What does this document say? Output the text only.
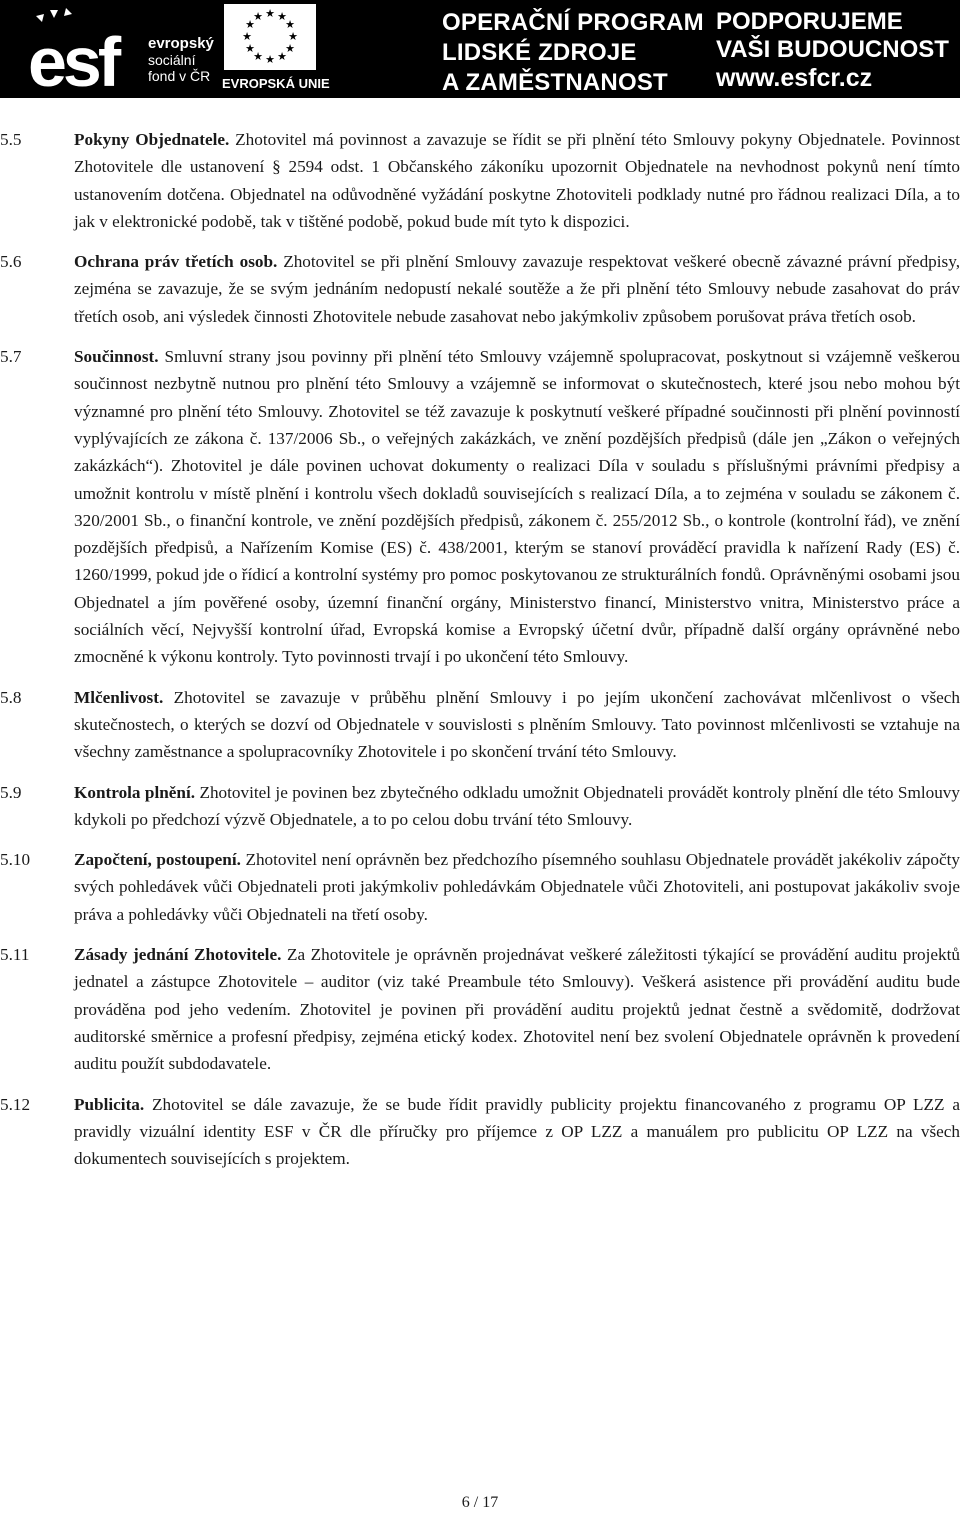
esf	evropský
sociální
fond v ČR
★ ★
★
★
★
★
★
★
★
★
★
★
EVROPSKÁ UNIE
OPERAČNÍ PROGRAM
LIDSKÉ ZDROJE
A ZAMĚSTNANOST
PODPORUJEME
VAŠI BUDOUCNOST
www.esfcr.cz
5.5	Pokyny Objednatele. Zhotovitel má povinnost a zavazuje se řídit se při plnění této Smlouvy pokyny Objednatele. Povinnost Zhotovitele dle ustanovení § 2594 odst. 1 Občanského zákoníku upozornit Objednatele na nevhodnost pokynů není tímto ustanovením dotčena. Objednatel na odůvodněné vyžádání poskytne Zhotoviteli podklady nutné pro řádnou realizaci Díla, a to jak v elektronické podobě, tak v tištěné podobě, pokud bude mít tyto k dispozici.
5.6	Ochrana práv třetích osob. Zhotovitel se při plnění Smlouvy zavazuje respektovat veškeré obecně závazné právní předpisy, zejména se zavazuje, že se svým jednáním nedopustí nekalé soutěže a že při plnění této Smlouvy nebude zasahovat do práv třetích osob, ani výsledek činnosti Zhotovitele nebude zasahovat nebo jakýmkoliv způsobem porušovat práva třetích osob.
5.7	Součinnost. Smluvní strany jsou povinny při plnění této Smlouvy vzájemně spolupracovat, poskytnout si vzájemně veškerou součinnost nezbytně nutnou pro plnění této Smlouvy a vzájemně se informovat o skutečnostech, které jsou nebo mohou být významné pro plnění této Smlouvy. Zhotovitel se též zavazuje k poskytnutí veškeré případné součinnosti při plnění povinností vyplývajících ze zákona č. 137/2006 Sb., o veřejných zakázkách, ve znění pozdějších předpisů (dále jen „Zákon o veřejných zakázkách“). Zhotovitel je dále povinen uchovat dokumenty o realizaci Díla v souladu s příslušnými právními předpisy a umožnit kontrolu v místě plnění i kontrolu všech dokladů souvisejících s realizací Díla, a to zejména v souladu se zákonem č. 320/2001 Sb., o finanční kontrole, ve znění pozdějších předpisů, zákonem č. 255/2012 Sb., o kontrole (kontrolní řád), ve znění pozdějších předpisů, a Nařízením Komise (ES) č. 438/2001, kterým se stanoví prováděcí pravidla k nařízení Rady (ES) č. 1260/1999, pokud jde o řídicí a kontrolní systémy pro pomoc poskytovanou ze strukturálních fondů. Oprávněnými osobami jsou Objednatel a jím pověřené osoby, územní finanční orgány, Ministerstvo financí, Ministerstvo vnitra, Ministerstvo práce a sociálních věcí, Nejvyšší kontrolní úřad, Evropská komise a Evropský účetní dvůr, případně další orgány oprávněné nebo zmocněné k výkonu kontroly. Tyto povinnosti trvají i po ukončení této Smlouvy.
5.8	Mlčenlivost. Zhotovitel se zavazuje v průběhu plnění Smlouvy i po jejím ukončení zachovávat mlčenlivost o všech skutečnostech, o kterých se dozví od Objednatele v souvislosti s plněním Smlouvy. Tato povinnost mlčenlivosti se vztahuje na všechny zaměstnance a spolupracovníky Zhotovitele i po skončení trvání této Smlouvy.
5.9	Kontrola plnění. Zhotovitel je povinen bez zbytečného odkladu umožnit Objednateli provádět kontroly plnění dle této Smlouvy kdykoli po předchozí výzvě Objednatele, a to po celou dobu trvání této Smlouvy.
5.10	Započtení, postoupení. Zhotovitel není oprávněn bez předchozího písemného souhlasu Objednatele provádět jakékoliv zápočty svých pohledávek vůči Objednateli proti jakýmkoliv pohledávkám Objednatele vůči Zhotoviteli, ani postupovat jakákoliv svoje práva a pohledávky vůči Objednateli na třetí osoby.
5.11	Zásady jednání Zhotovitele. Za Zhotovitele je oprávněn projednávat veškeré záležitosti týkající se provádění auditu projektů jednatel a zástupce Zhotovitele – auditor (viz také Preambule této Smlouvy). Veškerá asistence při provádění auditu bude prováděna pod jeho vedením. Zhotovitel je povinen při provádění auditu projektů jednat čestně a svědomitě, dodržovat auditorské směrnice a profesní předpisy, zejména etický kodex. Zhotovitel není bez svolení Objednatele oprávněn k provedení auditu použít subdodavatele.
5.12	Publicita. Zhotovitel se dále zavazuje, že se bude řídit pravidly publicity projektu financovaného z programu OP LZZ a pravidly vizuální identity ESF v ČR dle příručky pro příjemce z OP LZZ a manuálem pro publicitu OP LZZ na všech dokumentech souvisejících s projektem.
6 / 17
